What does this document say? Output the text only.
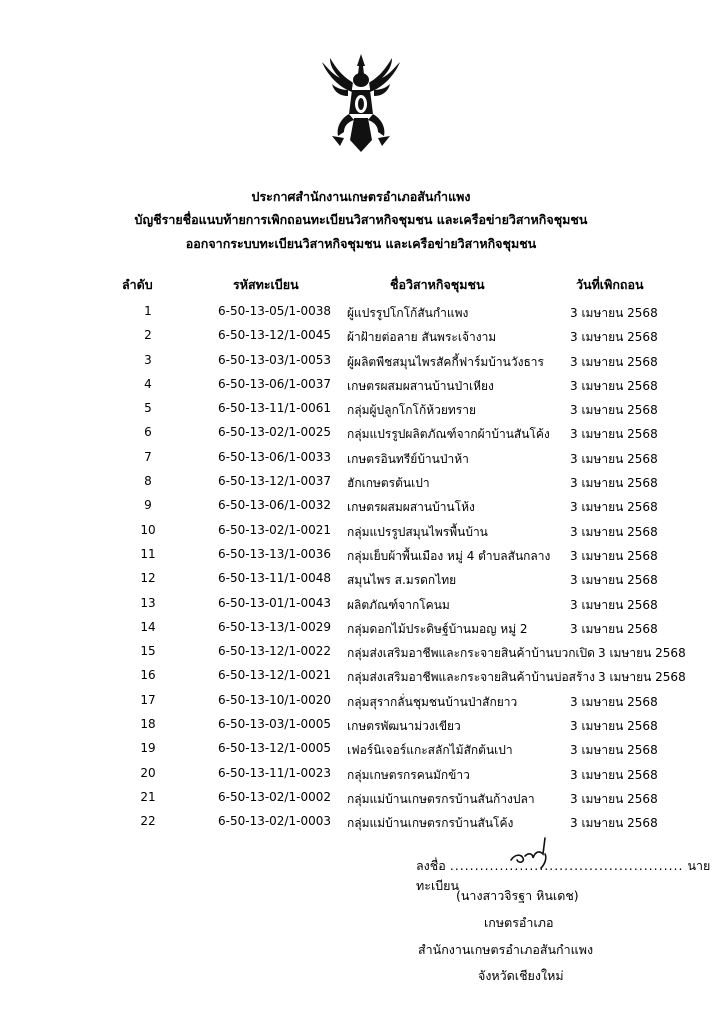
ประกาศสำนักงานเกษตรอำเภอสันกำแพง
บัญชีรายชื่อแนบท้ายการเพิกถอนทะเบียนวิสาหกิจชุมชน และเครือข่ายวิสาหกิจชุมชน
ออกจากระบบทะเบียนวิสาหกิจชุมชน และเครือข่ายวิสาหกิจชุมชน
ลำดับ	รหัสทะเบียน	ชื่อวิสาหกิจชุมชน	วันที่เพิกถอน
1	6-50-13-05/1-0038 ผู้แปรรูปโกโก้สันกำแพง	3 เมษายน 2568
2	6-50-13-12/1-0045 ผ้าฝ้ายต่อลาย สันพระเจ้างาม	3 เมษายน 2568
3	6-50-13-03/1-0053 ผู้ผลิตพืชสมุนไพรสัคกี้ฟาร์มบ้านวังธาร 3 เมษายน 2568
4	6-50-13-06/1-0037 เกษตรผสมผสานบ้านป่าเหียง	3 เมษายน 2568
5	6-50-13-11/1-0061 กลุ่มผู้ปลูกโกโก้ห้วยทราย	3 เมษายน 2568
6	6-50-13-02/1-0025 กลุ่มแปรรูปผลิตภัณฑ์จากผ้าบ้านสันโค้ง 3 เมษายน 2568
7	6-50-13-06/1-0033 เกษตรอินทรีย์บ้านป่าห้า	3 เมษายน 2568
8	6-50-13-12/1-0037 ฮักเกษตรต้นเปา	3 เมษายน 2568
9	6-50-13-06/1-0032 เกษตรผสมผสานบ้านโห้ง	3 เมษายน 2568
10	6-50-13-02/1-0021 กลุ่มแปรรูปสมุนไพรพื้นบ้าน	3 เมษายน 2568
11	6-50-13-13/1-0036 กลุ่มเย็บผ้าพื้นเมือง หมู่ 4 ตำบลสันกลาง 3 เมษายน 2568
12	6-50-13-11/1-0048 สมุนไพร ส.มรดกไทย	3 เมษายน 2568
13	6-50-13-01/1-0043 ผลิตภัณฑ์จากโคนม	3 เมษายน 2568
14	6-50-13-13/1-0029 กลุ่มดอกไม้ประดิษฐ์บ้านมอญ หมู่ 2	3 เมษายน 2568
15	6-50-13-12/1-0022 กลุ่มส่งเสริมอาชีพและกระจายสินค้าบ้านบวกเปิด 3 เมษายน 2568
16	6-50-13-12/1-0021 กลุ่มส่งเสริมอาชีพและกระจายสินค้าบ้านบ่อสร้าง 3 เมษายน 2568
17	6-50-13-10/1-0020 กลุ่มสุรากลั่นชุมชนบ้านป่าสักยาว	3 เมษายน 2568
18	6-50-13-03/1-0005 เกษตรพัฒนาม่วงเขียว	3 เมษายน 2568
19	6-50-13-12/1-0005 เฟอร์นิเจอร์แกะสลักไม้สักต้นเปา	3 เมษายน 2568
20	6-50-13-11/1-0023 กลุ่มเกษตรกรคนมักข้าว	3 เมษายน 2568
21	6-50-13-02/1-0002 กลุ่มแม่บ้านเกษตรกรบ้านสันก้างปลา	3 เมษายน 2568
22	6-50-13-02/1-0003 กลุ่มแม่บ้านเกษตรกรบ้านสันโค้ง	3 เมษายน 2568
ลงชื่อ ............................................... นายทะเบียน
(นางสาวจิรฐา หินเดช)
เกษตรอำเภอ
สำนักงานเกษตรอำเภอสันกำแพง
จังหวัดเชียงใหม่
